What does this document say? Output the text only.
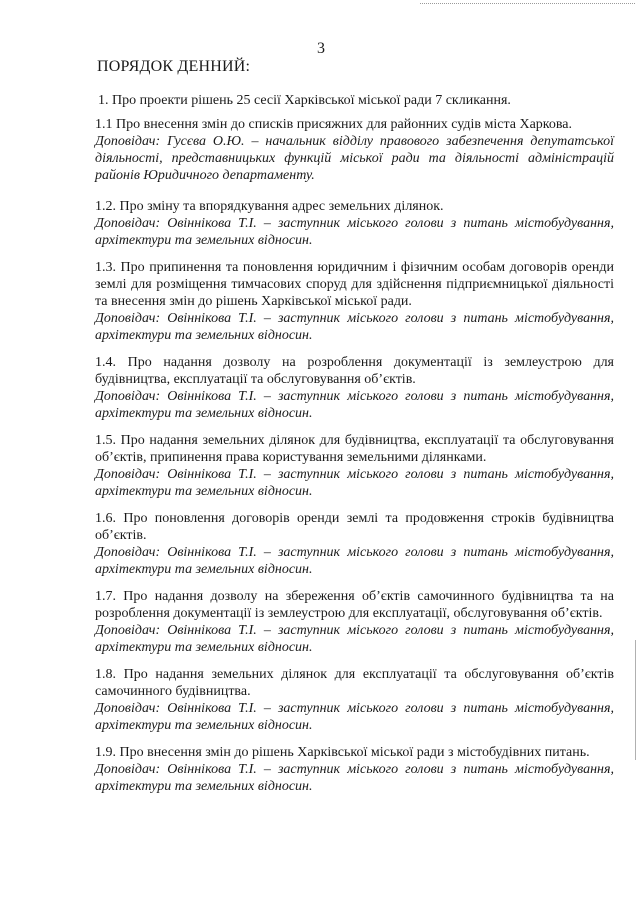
3
ПОРЯДОК ДЕННИЙ:
1. Про проекти рішень 25 сесії Харківської міської ради 7 скликання.
1.1 Про внесення змін до списків присяжних для районних судів міста Харкова.
Доповідач: Гусєва О.Ю. – начальник відділу правового забезпечення депутатської діяльності, представницьких функцій міської ради та діяльності адміністрацій районів Юридичного департаменту.
1.2. Про зміну та впорядкування адрес земельних ділянок.
Доповідач: Овіннікова Т.І. – заступник міського голови з питань містобудування, архітектури та земельних відносин.
1.3. Про припинення та поновлення юридичним і фізичним особам договорів оренди землі для розміщення тимчасових споруд для здійснення підприємницької діяльності та внесення змін до рішень Харківської міської ради.
Доповідач: Овіннікова Т.І. – заступник міського голови з питань містобудування, архітектури та земельних відносин.
1.4. Про надання дозволу на розроблення документації із землеустрою для будівництва, експлуатації та обслуговування об’єктів.
Доповідач: Овіннікова Т.І. – заступник міського голови з питань містобудування, архітектури та земельних відносин.
1.5. Про надання земельних ділянок для будівництва, експлуатації та обслуговування об’єктів, припинення права користування земельними ділянками.
Доповідач: Овіннікова Т.І. – заступник міського голови з питань містобудування, архітектури та земельних відносин.
1.6. Про поновлення договорів оренди землі та продовження строків будівництва об’єктів.
Доповідач: Овіннікова Т.І. – заступник міського голови з питань містобудування, архітектури та земельних відносин.
1.7. Про надання дозволу на збереження об’єктів самочинного будівництва та на розроблення документації із землеустрою для експлуатації, обслуговування об’єктів.
Доповідач: Овіннікова Т.І. – заступник міського голови з питань містобудування, архітектури та земельних відносин.
1.8. Про надання земельних ділянок для експлуатації та обслуговування об’єктів самочинного будівництва.
Доповідач: Овіннікова Т.І. – заступник міського голови з питань містобудування, архітектури та земельних відносин.
1.9. Про внесення змін до рішень Харківської міської ради з містобудівних питань.
Доповідач: Овіннікова Т.І. – заступник міського голови з питань містобудування, архітектури та земельних відносин.
